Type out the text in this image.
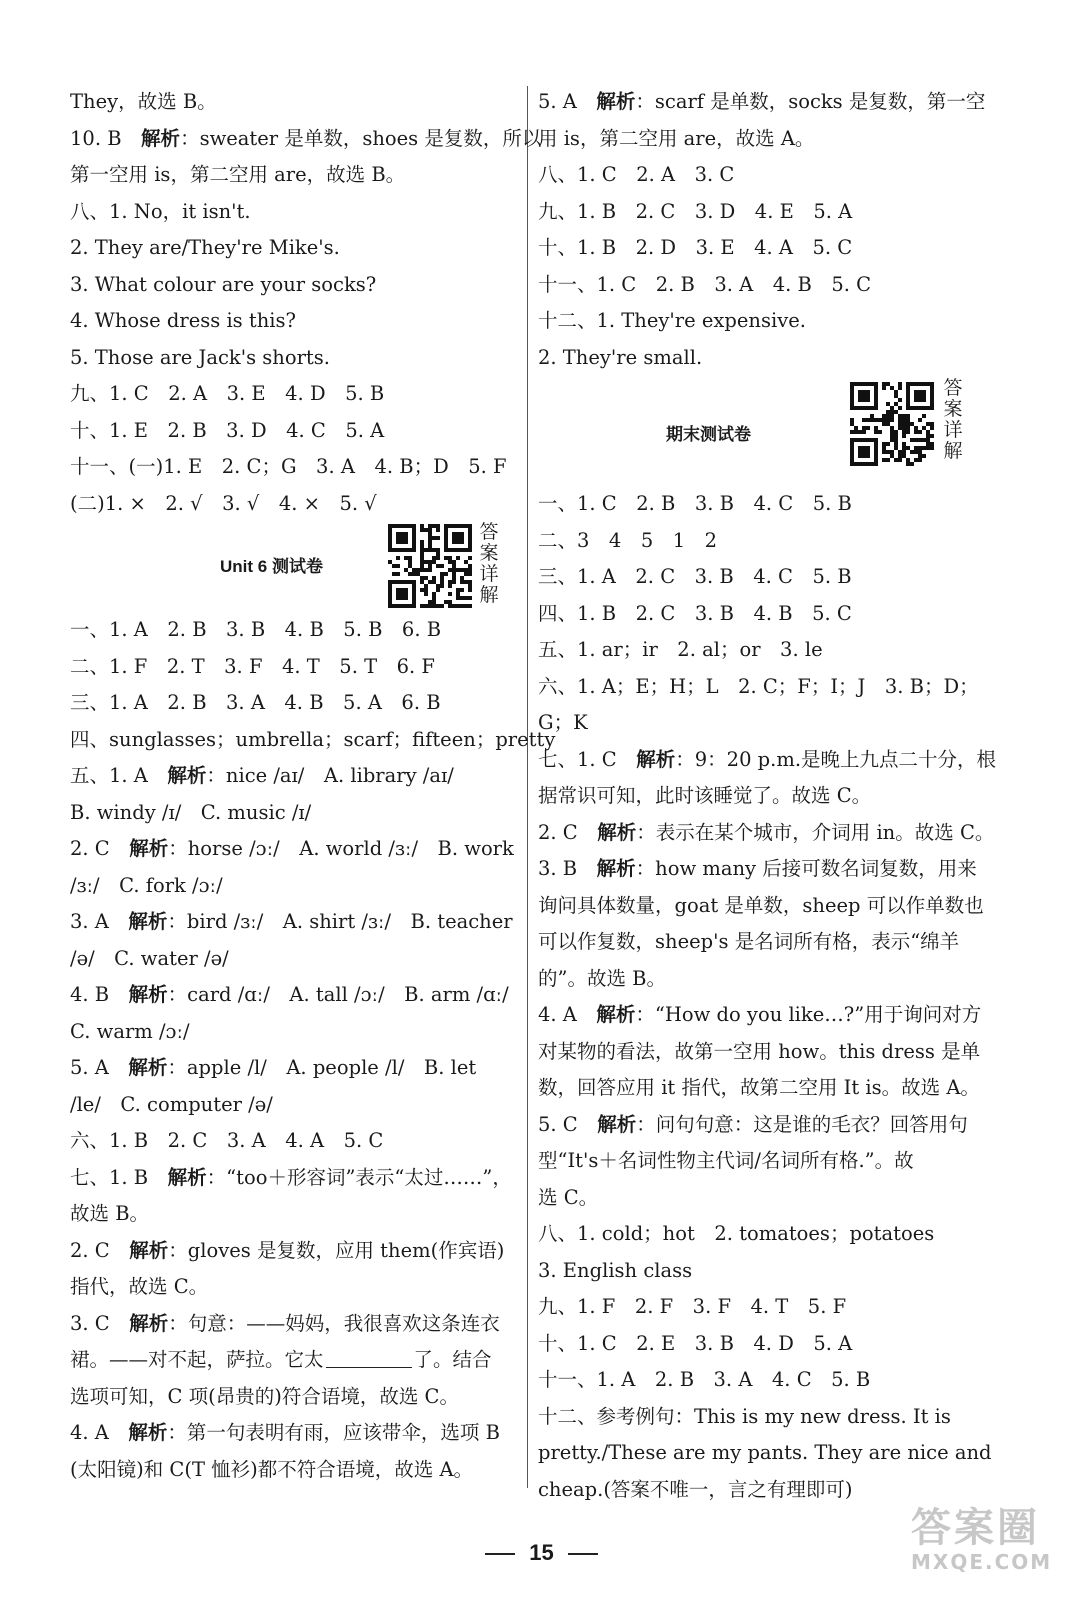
They，故选 B。
10. B　解析：sweater 是单数，shoes 是复数，所以
第一空用 is，第二空用 are，故选 B。
八、1. No，it isn't.
2. They are/They're Mike's.
3. What colour are your socks?
4. Whose dress is this?
5. Those are Jack's shorts.
九、1. C　2. A　3. E　4. D　5. B
十、1. E　2. B　3. D　4. C　5. A
十一、(一)1. E　2. C；G　3. A　4. B；D　5. F
(二)1. ×　2. √　3. √　4. ×　5. √
Unit 6 测试卷
答案详解
一、1. A　2. B　3. B　4. B　5. B　6. B
二、1. F　2. T　3. F　4. T　5. T　6. F
三、1. A　2. B　3. A　4. B　5. A　6. B
四、sunglasses；umbrella；scarf；fifteen；pretty
五、1. A　解析：nice /aɪ/　A. library /aɪ/
B. windy /ɪ/　C. music /ɪ/
2. C　解析：horse /ɔː/　A. world /ɜː/　B. work
/ɜː/　C. fork /ɔː/
3. A　解析：bird /ɜː/　A. shirt /ɜː/　B. teacher
/ə/　C. water /ə/
4. B　解析：card /ɑː/　A. tall /ɔː/　B. arm /ɑː/
C. warm /ɔː/
5. A　解析：apple /l/　A. people /l/　B. let
/le/　C. computer /ə/
六、1. B　2. C　3. A　4. A　5. C
七、1. B　解析：“too＋形容词”表示“太过……”，
故选 B。
2. C　解析：gloves 是复数，应用 them(作宾语)
指代，故选 C。
3. C　解析：句意：——妈妈，我很喜欢这条连衣
裙。——对不起，萨拉。它太	了。结合
选项可知，C 项(昂贵的)符合语境，故选 C。
4. A　解析：第一句表明有雨，应该带伞，选项 B
(太阳镜)和 C(T 恤衫)都不符合语境，故选 A。
5. A　解析：scarf 是单数，socks 是复数，第一空
用 is，第二空用 are，故选 A。
八、1. C　2. A　3. C
九、1. B　2. C　3. D　4. E　5. A
十、1. B　2. D　3. E　4. A　5. C
十一、1. C　2. B　3. A　4. B　5. C
十二、1. They're expensive.
2. They're small.
期末测试卷
答案详解
一、1. C　2. B　3. B　4. C　5. B
二、3　4　5　1　2
三、1. A　2. C　3. B　4. C　5. B
四、1. B　2. C　3. B　4. B　5. C
五、1. ar；ir　2. al；or　3. le
六、1. A；E；H；L　2. C；F；I；J　3. B；D；
G；K
七、1. C　解析：9：20 p.m.是晚上九点二十分，根
据常识可知，此时该睡觉了。故选 C。
2. C　解析：表示在某个城市，介词用 in。故选 C。
3. B　解析：how many 后接可数名词复数，用来
询问具体数量，goat 是单数，sheep 可以作单数也
可以作复数，sheep's 是名词所有格，表示“绵羊
的”。故选 B。
4. A　解析：“How do you like…?”用于询问对方
对某物的看法，故第一空用 how。this dress 是单
数，回答应用 it 指代，故第二空用 It is。故选 A。
5. C　解析：问句句意：这是谁的毛衣？回答用句
型“It's＋名词性物主代词/名词所有格.”。故
选 C。
八、1. cold；hot　2. tomatoes；potatoes
3. English class
九、1. F　2. F　3. F　4. T　5. F
十、1. C　2. E　3. B　4. D　5. A
十一、1. A　2. B　3. A　4. C　5. B
十二、参考例句：This is my new dress. It is
pretty./These are my pants. They are nice and
cheap.(答案不唯一，言之有理即可)
15
答案圈
MXQE.COM
